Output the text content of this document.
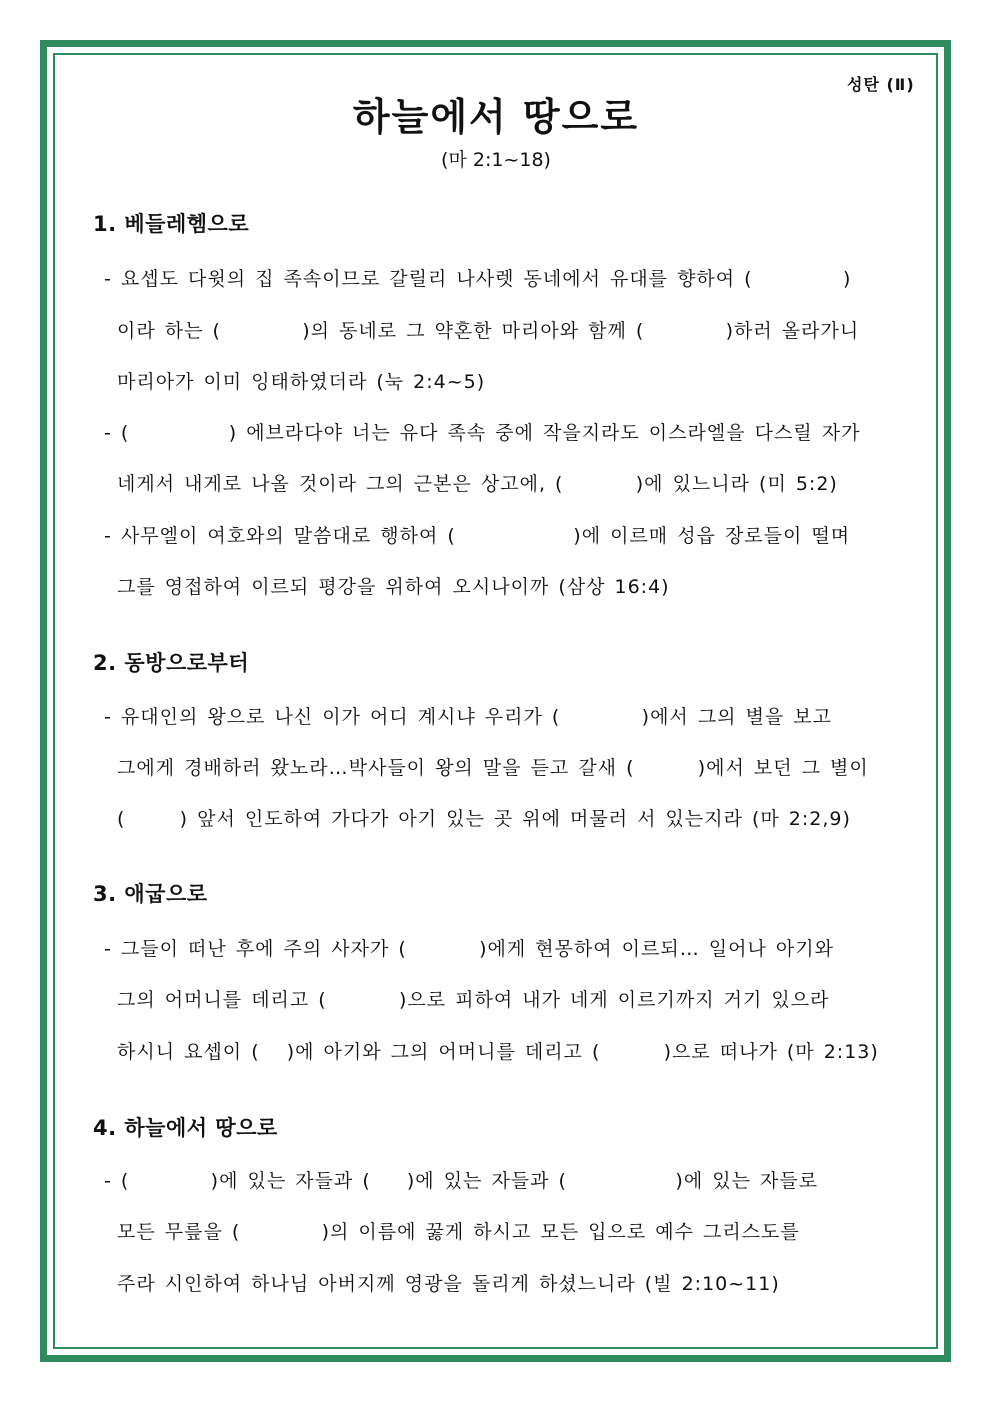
성탄 (Ⅱ)
하늘에서 땅으로
(마 2:1~18)
1. 베들레헴으로
- 요셉도 다윗의 집 족속이므로 갈릴리 나사렛 동네에서 유대를 향하여 (          )
이라 하는 (         )의 동네로 그 약혼한 마리아와 함께 (         )하러 올라가니
마리아가 이미 잉태하였더라 (눅 2:4~5)
- (           ) 에브라다야 너는 유다 족속 중에 작을지라도 이스라엘을 다스릴 자가
네게서 내게로 나올 것이라 그의 근본은 상고에, (        )에 있느니라 (미 5:2)
- 사무엘이 여호와의 말씀대로 행하여 (             )에 이르매 성읍 장로들이 떨며
그를 영접하여 이르되 평강을 위하여 오시나이까 (삼상 16:4)
2. 동방으로부터
- 유대인의 왕으로 나신 이가 어디 계시냐 우리가 (         )에서 그의 별을 보고
그에게 경배하러 왔노라…박사들이 왕의 말을 듣고 갈새 (       )에서 보던 그 별이
(      ) 앞서 인도하여 가다가 아기 있는 곳 위에 머물러 서 있는지라 (마 2:2,9)
3. 애굽으로
- 그들이 떠난 후에 주의 사자가 (        )에게 현몽하여 이르되… 일어나 아기와
그의 어머니를 데리고 (        )으로 피하여 내가 네게 이르기까지 거기 있으라
하시니 요셉이 (   )에 아기와 그의 어머니를 데리고 (       )으로 떠나가 (마 2:13)
4. 하늘에서 땅으로
- (         )에 있는 자들과 (    )에 있는 자들과 (            )에 있는 자들로
모든 무릎을 (         )의 이름에 꿇게 하시고 모든 입으로 예수 그리스도를
주라 시인하여 하나님 아버지께 영광을 돌리게 하셨느니라 (빌 2:10~11)
